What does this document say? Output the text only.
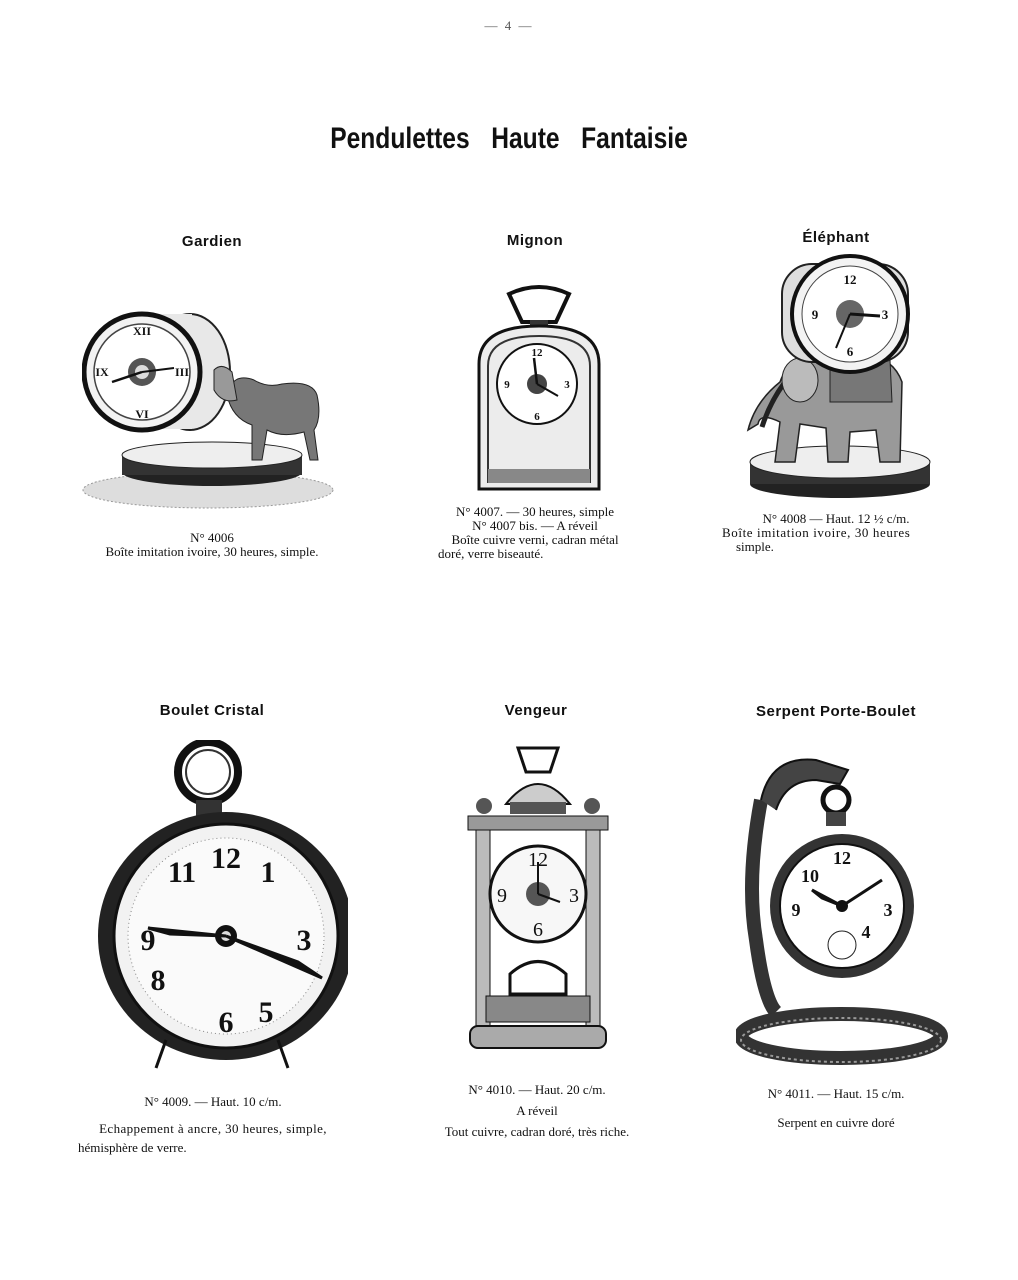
— 4 —
Pendulettes Haute Fantaisie
Gardien
XII
VI
IX	III
N° 4006
Boîte imitation ivoire, 30 heures, simple.
Mignon
12
6
9	3
N° 4007. — 30 heures, simple
N° 4007 bis. — A réveil
Boîte cuivre verni, cadran métal
doré, verre biseauté.
Éléphant
12
6
9	3
N° 4008 — Haut. 12 ½ c/m.
Boîte imitation ivoire, 30 heures
simple.
Boulet Cristal
12
6
9	3
11 1
8
5
N° 4009. — Haut. 10 c/m.
Echappement à ancre, 30 heures, simple,
hémisphère de verre.
Vengeur
12
6
9	3
N° 4010. — Haut. 20 c/m.
A réveil
Tout cuivre, cadran doré, très riche.
Serpent Porte-Boulet
12
9	3
10
4
N° 4011. — Haut. 15 c/m.
Serpent en cuivre doré
